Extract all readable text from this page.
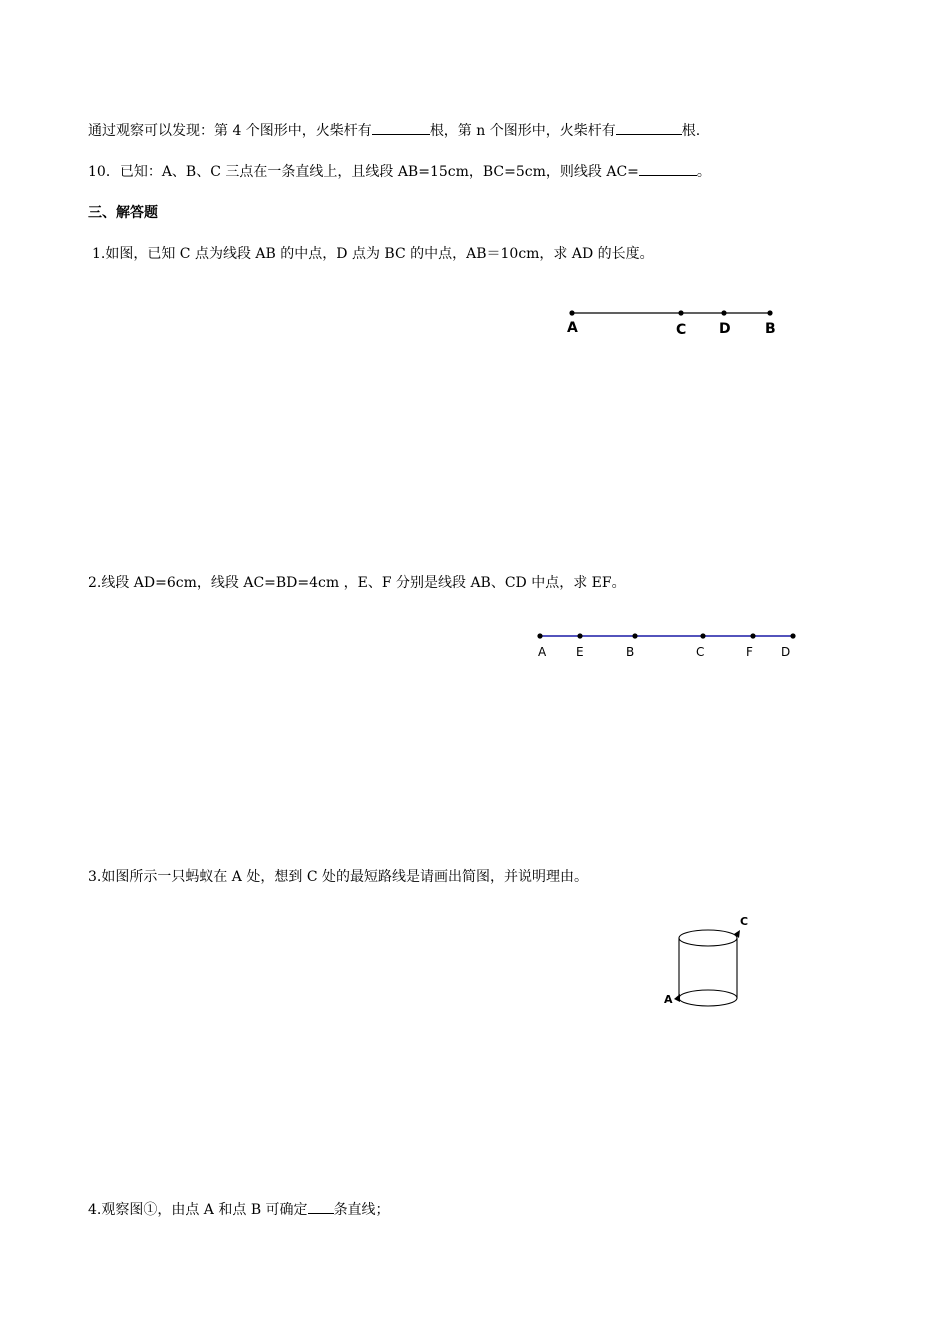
通过观察可以发现：第 4 个图形中，火柴杆有	根，第 n 个图形中，火柴杆有	根.
10．已知：A、B、C 三点在一条直线上，且线段 AB=15cm，BC=5cm，则线段 AC=	。
三、解答题
1.如图，已知 C 点为线段 AB 的中点，D 点为 BC 的中点，AB＝10cm，求 AD 的长度。
A	C D B
2.线段 AD=6cm，线段 AC=BD=4cm ，E、F 分别是线段 AB、CD 中点，求 EF。
A E	B	C	F D
3.如图所示一只蚂蚁在 A 处，想到 C 处的最短路线是请画出简图，并说明理由。
A
C
4.观察图①，由点 A 和点 B 可确定 条直线；
